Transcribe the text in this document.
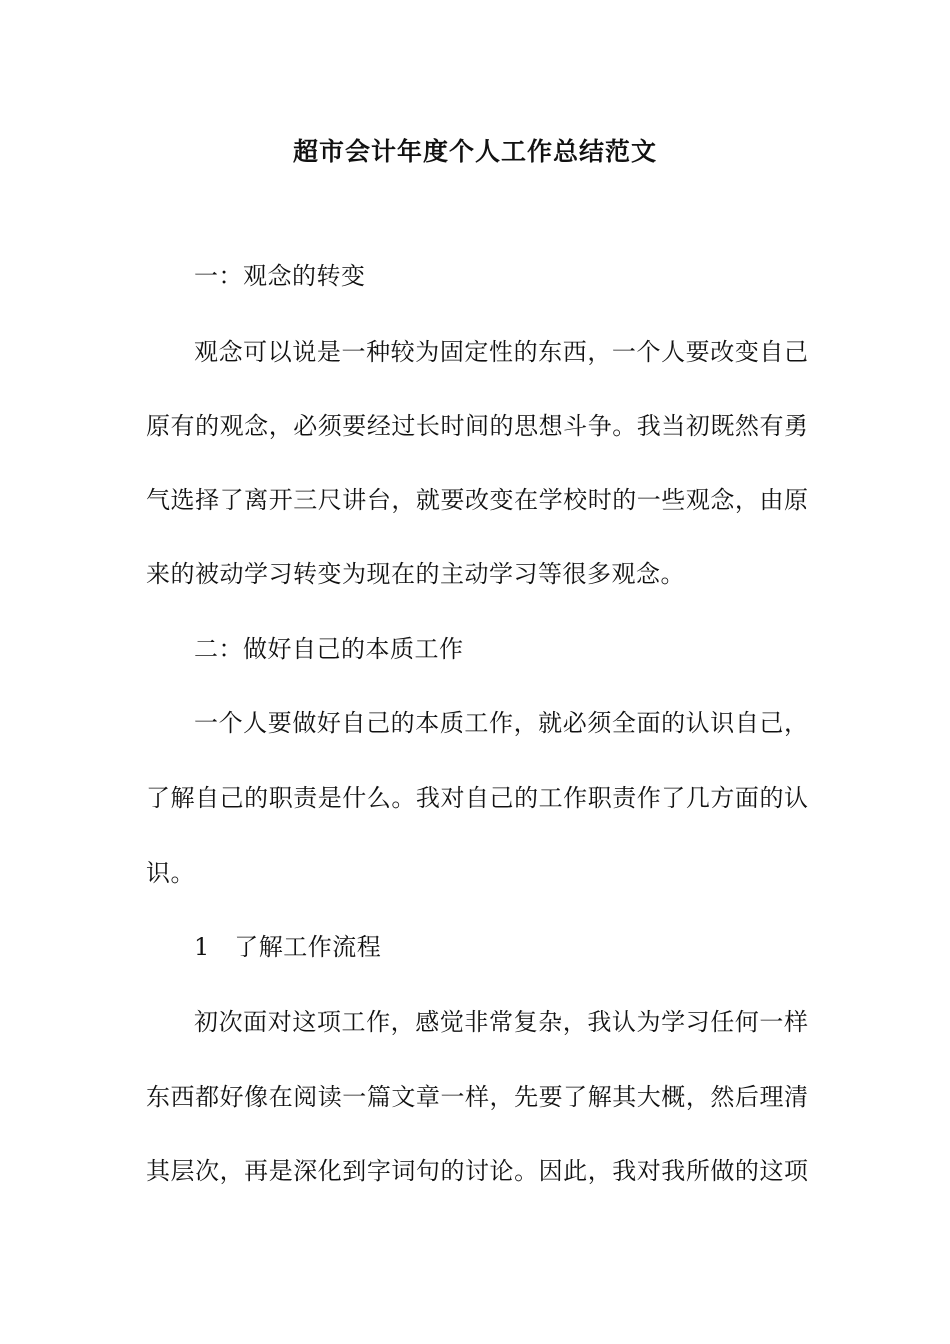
超市会计年度个人工作总结范文
一：观念的转变
观念可以说是一种较为固定性的东西，一个人要改变自己
原有的观念，必须要经过长时间的思想斗争。我当初既然有勇
气选择了离开三尺讲台，就要改变在学校时的一些观念，由原
来的被动学习转变为现在的主动学习等很多观念。
二：做好自己的本质工作
一个人要做好自己的本质工作，就必须全面的认识自己，
了解自己的职责是什么。我对自己的工作职责作了几方面的认
识。
1　了解工作流程
初次面对这项工作，感觉非常复杂，我认为学习任何一样
东西都好像在阅读一篇文章一样，先要了解其大概，然后理清
其层次，再是深化到字词句的讨论。因此，我对我所做的这项
